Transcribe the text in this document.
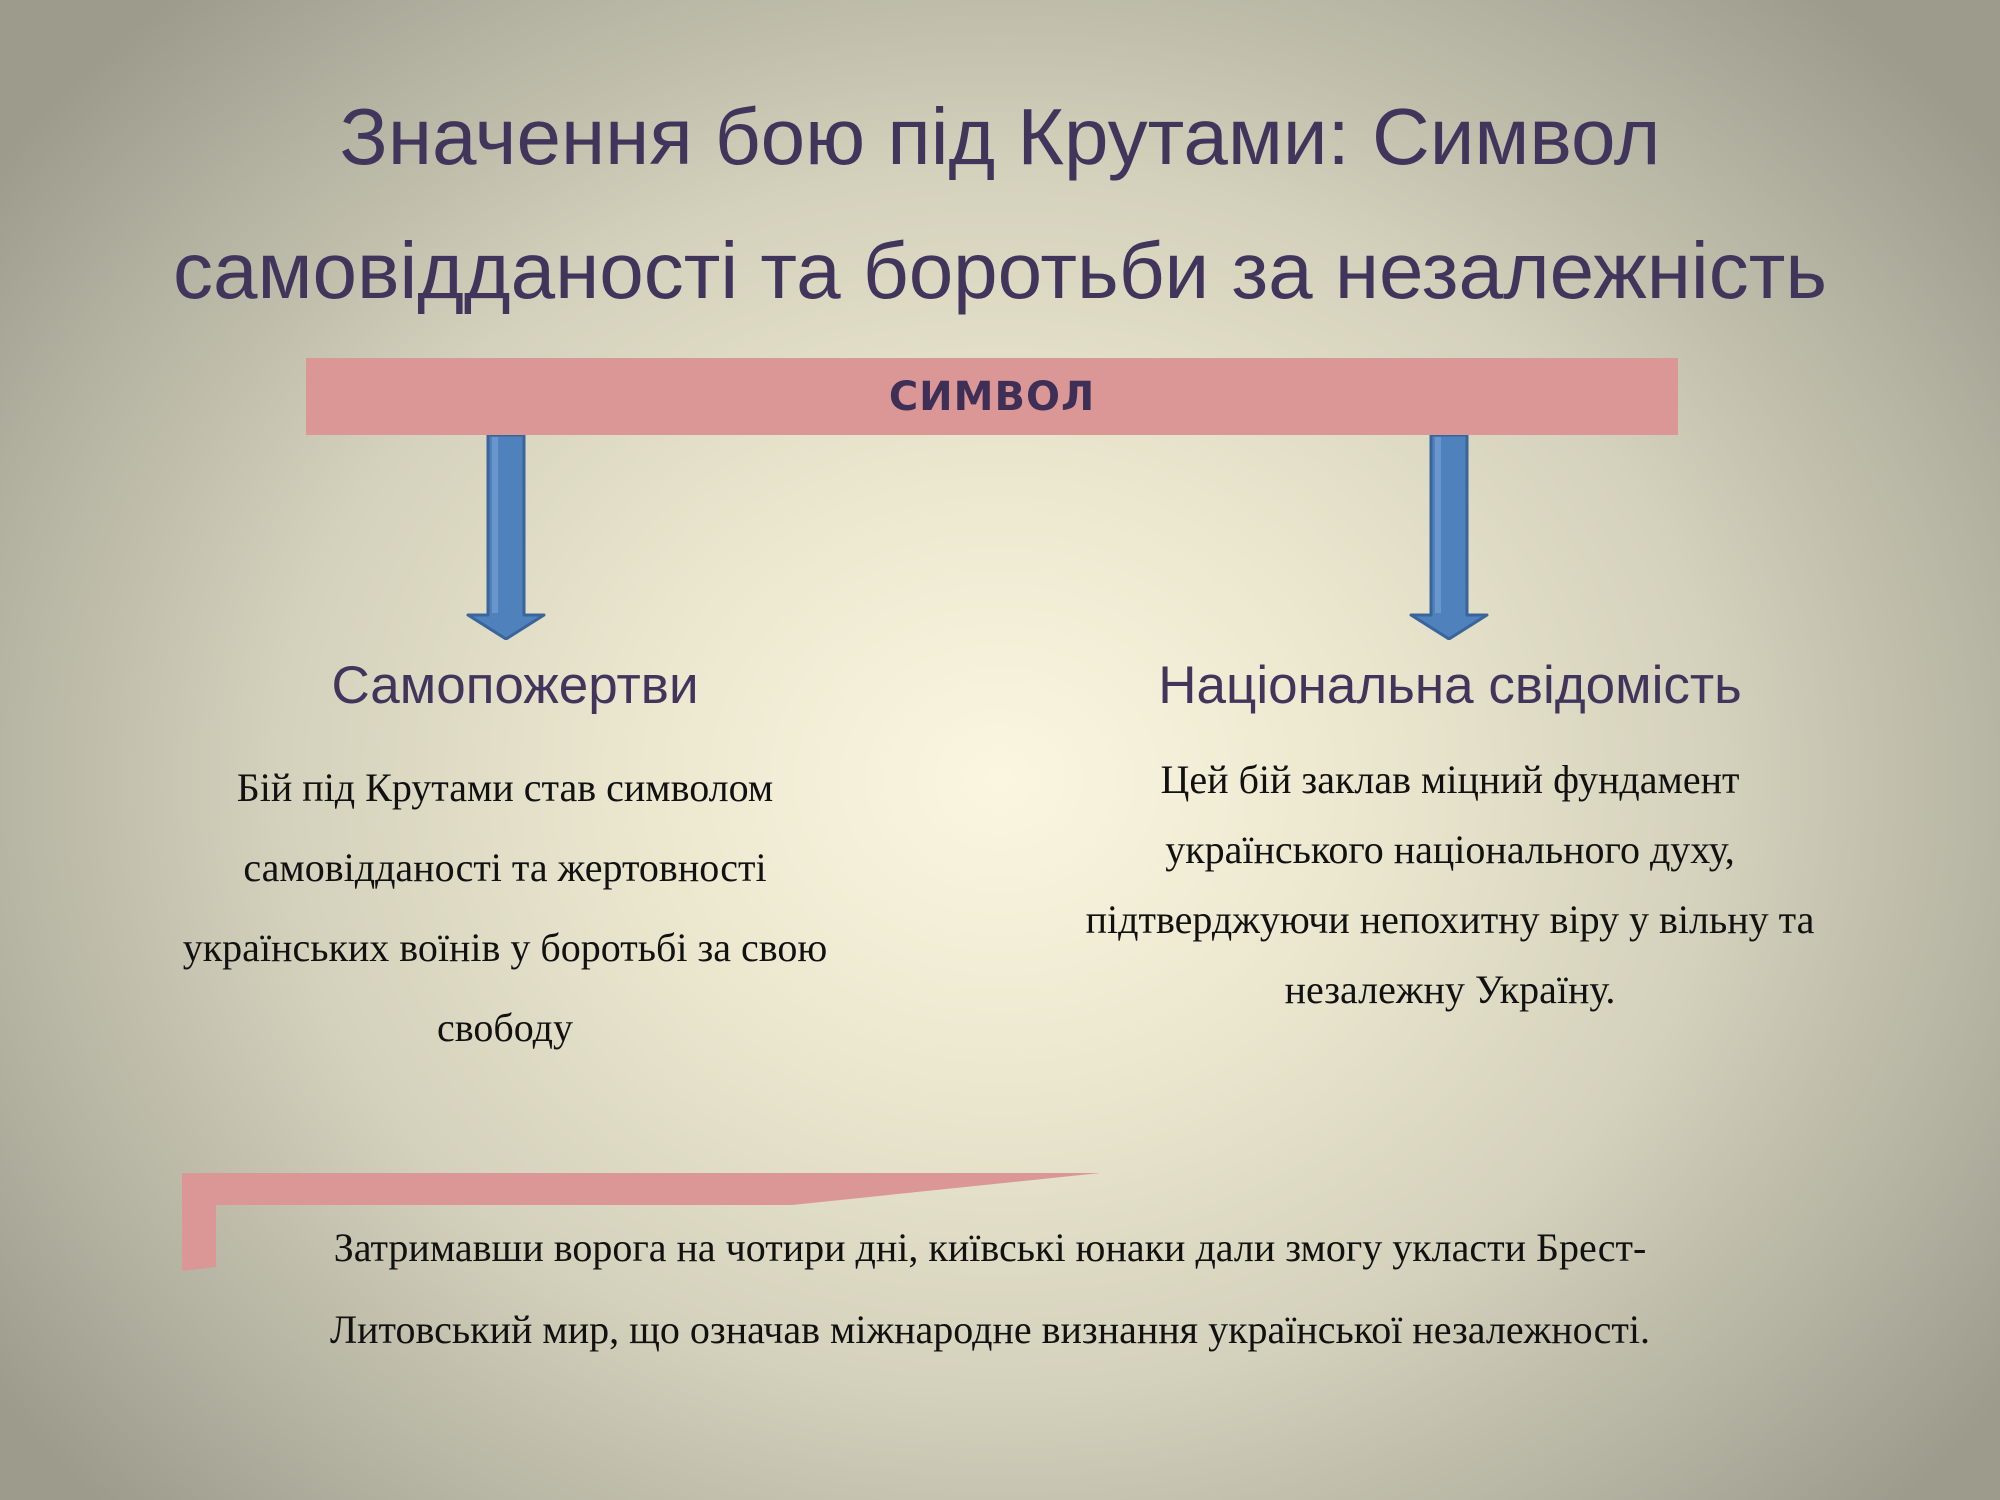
Значення бою під Крутами: Символ самовідданості та боротьби за незалежність
СИМВОЛ
Самопожертви

Бій під Крутами став символом самовідданості та жертовності українських воїнів у боротьбі за свою свободу

Національна свідомість

Цей бій заклав міцний фундамент українського національного духу, підтверджуючи непохитну віру у вільну та незалежну Україну.

Затримавши ворога на чотири дні, київські юнаки дали змогу укласти Брест-Литовський мир, що означав міжнародне визнання української незалежності.
